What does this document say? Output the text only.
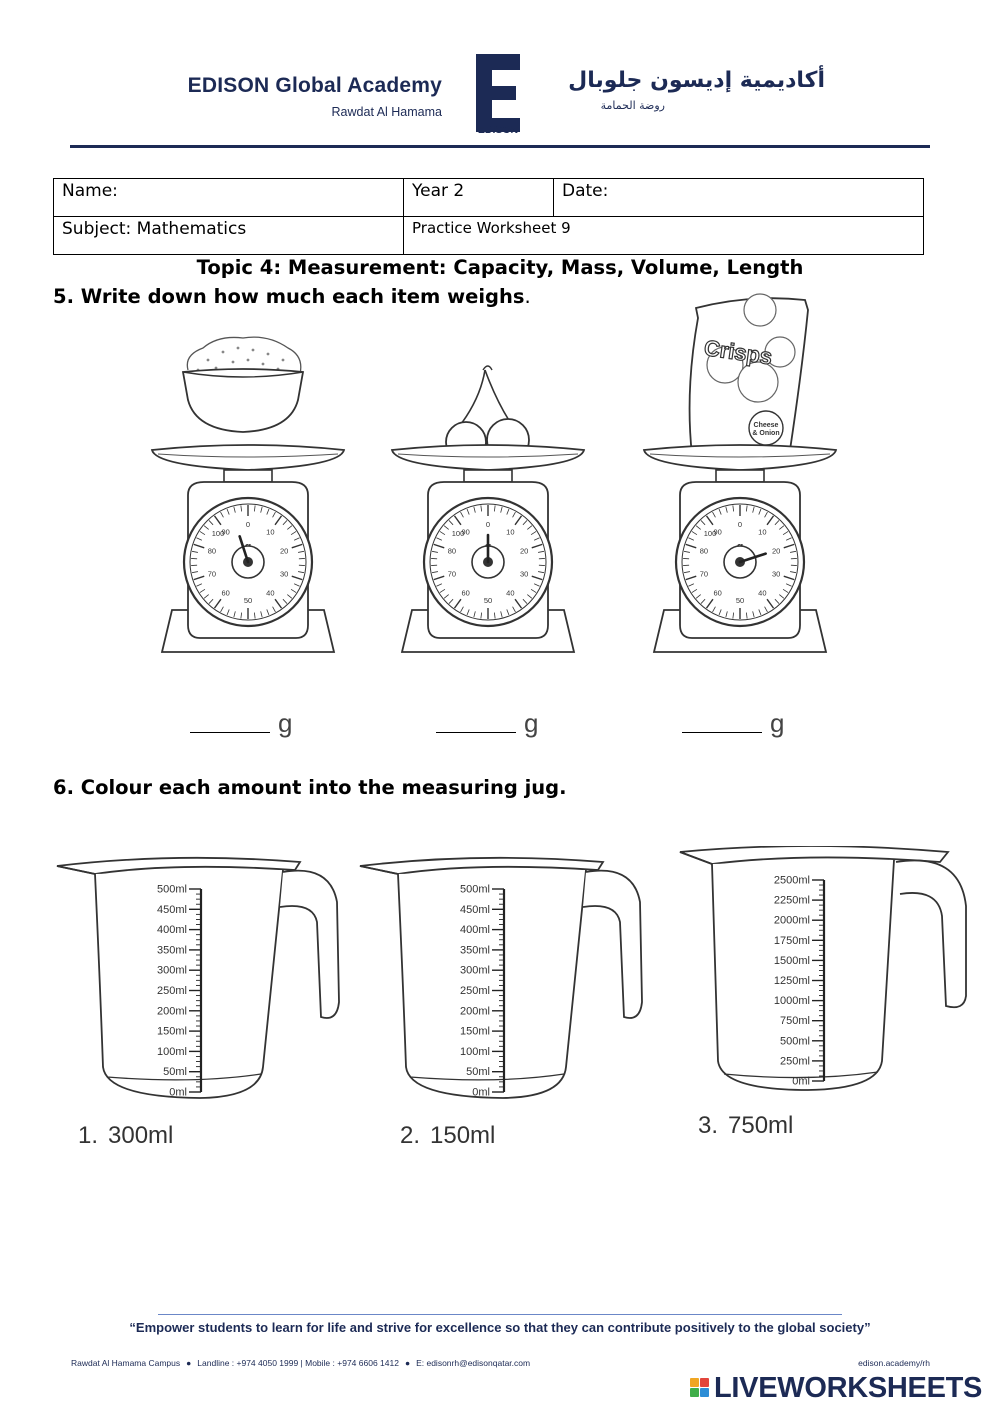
EDISON Global Academy
Rawdat Al Hamama
EDISON
أكاديمية إديسون جلوبال
روضة الحمامة
Name:	Year 2	Date:
Subject: Mathematics	Practice Worksheet 9	
Topic 4: Measurement: Capacity, Mass, Volume, Length
5. Write down how much each item weighs.
0
10
20
30
40
50
60
70
80
90
100
0
10
20
30
40
50
60
70
80
90
100
Crisps
Cheese
& Onion
0
10
20
30
40
50
60
70
80
90
100
g	g	g
6. Colour each amount into the measuring jug.
500ml
450ml
400ml
350ml
300ml
250ml
200ml
150ml
100ml
50ml
0ml
500ml
450ml
400ml
350ml
300ml
250ml
200ml
150ml
100ml
50ml
0ml
2500ml
2250ml
2000ml
1750ml
1500ml
1250ml
1000ml
750ml
500ml
250ml
0ml
1. 300ml	2. 150ml	3. 750ml
“Empower students to learn for life and strive for excellence so that they can contribute positively to the global society”
Rawdat Al Hamama Campus ● Landline : +974 4050 1999 | Mobile : +974 6606 1412 ● E: edisonrh@edisonqatar.com	edison.academy/rh
LIVEWORKSHEETS
